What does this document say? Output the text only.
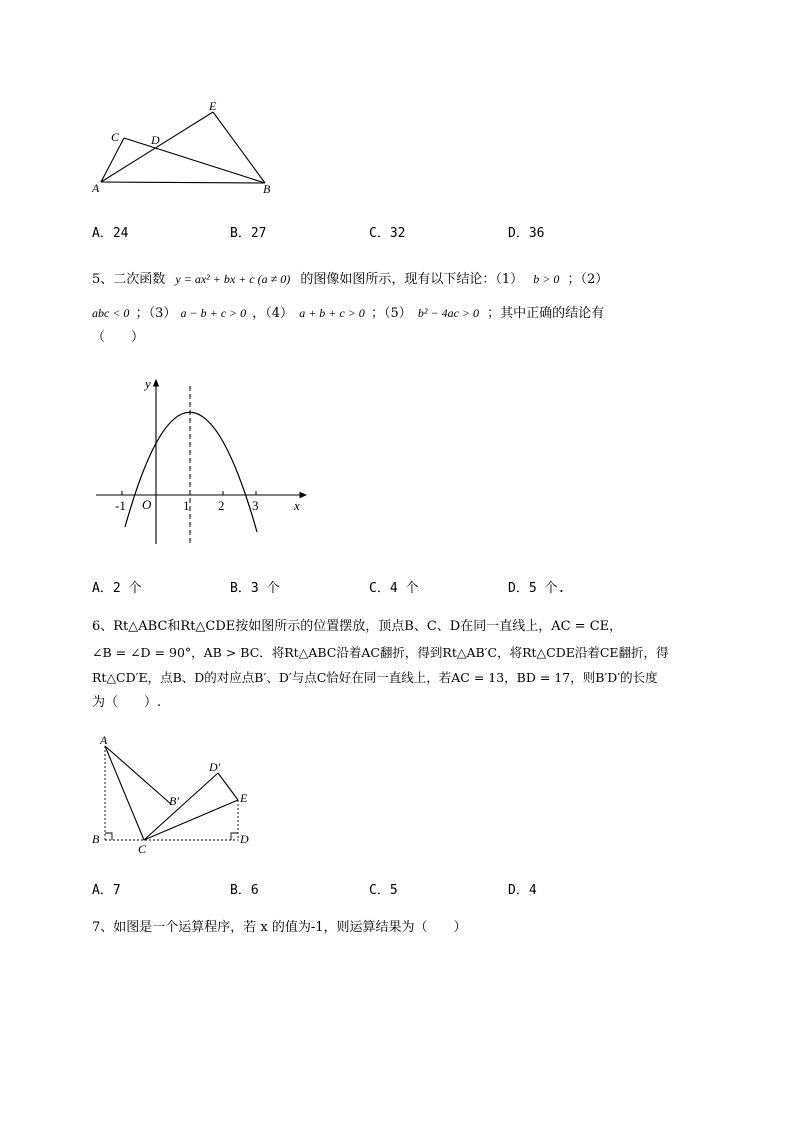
A
C	D
E
B
A．24	B．27	C．32	D．36
5、二次函数 y = ax² + bx + c (a ≠ 0) 的图像如图所示，现有以下结论：（1） b > 0 ；（2）
abc < 0 ；（3） a − b + c > 0 ，（4） a + b + c > 0 ；（5） b² − 4ac > 0 ；其中正确的结论有
（　　）
y
x
O
-1	1 2 3
A．2 个	B．3 个	C．4 个	D．5 个.
6、Rt△ABC和Rt△CDE按如图所示的位置摆放，顶点B、C、D在同一直线上，AC = CE，
∠B = ∠D = 90°，AB > BC．将Rt△ABC沿着AC翻折，得到Rt△AB′C，将Rt△CDE沿着CE翻折，得
Rt△CD′E，点B、D的对应点B′、D′与点C恰好在同一直线上，若AC = 13，BD = 17，则B′D′的长度
为（　　）.
A
B′
D′
E
B
C
D
A．7	B．6	C．5	D．4
7、如图是一个运算程序，若 x 的值为-1，则运算结果为（　　）
